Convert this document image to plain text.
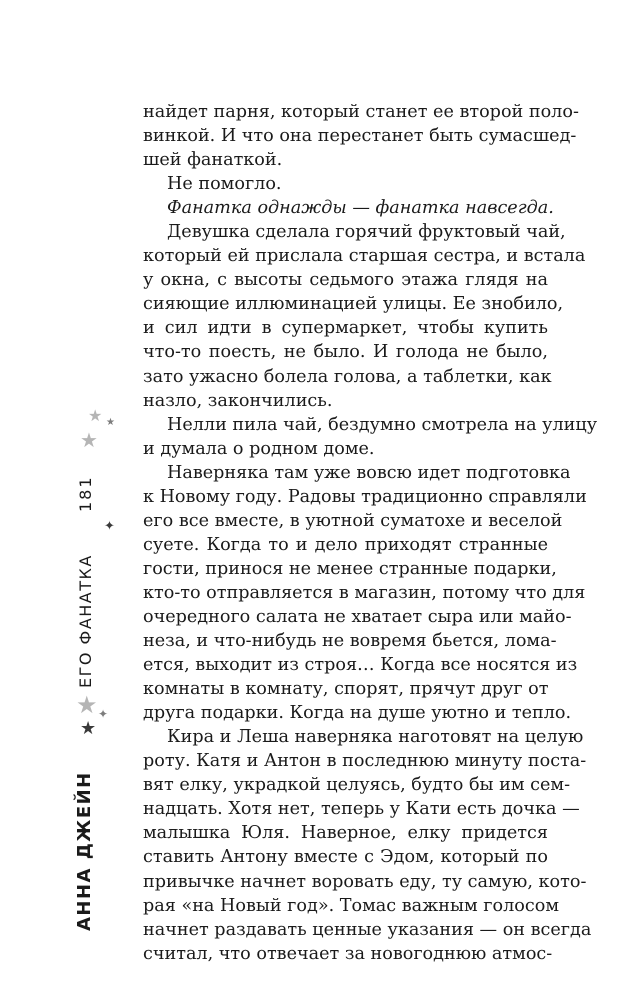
найдет парня, который станет ее второй поло-
винкой. И что она перестанет быть сумасшед-
шей фанаткой.
Не помогло.
Фанатка однажды — фанатка навсегда.
Девушка сделала горячий фруктовый чай,
который ей прислала старшая сестра, и встала
у окна, с высоты седьмого этажа глядя на
сияющие иллюминацией улицы. Ее знобило,
и сил идти в супермаркет, чтобы купить
что-то поесть, не было. И голода не было,
зато ужасно болела голова, а таблетки, как
назло, закончились.
Нелли пила чай, бездумно смотрела на улицу
и думала о родном доме.
Наверняка там уже вовсю идет подготовка
к Новому году. Радовы традиционно справляли
его все вместе, в уютной суматохе и веселой
суете. Когда то и дело приходят странные
гости, принося не менее странные подарки,
кто-то отправляется в магазин, потому что для
очередного салата не хватает сыра или майо-
неза, и что-нибудь не вовремя бьется, лома-
ется, выходит из строя… Когда все носятся из
комнаты в комнату, спорят, прячут друг от
друга подарки. Когда на душе уютно и тепло.
Кира и Леша наверняка наготовят на целую
роту. Катя и Антон в последнюю минуту поста-
вят елку, украдкой целуясь, будто бы им сем-
надцать. Хотя нет, теперь у Кати есть дочка —
малышка Юля. Наверное, елку придется
ставить Антону вместе с Эдом, который по
привычке начнет воровать еду, ту самую, кото-
рая «на Новый год». Томас важным голосом
начнет раздавать ценные указания — он всегда
считал, что отвечает за новогоднюю атмос-
АННА ДЖЕЙН
ЕГО ФАНАТКА
181
★ ★
★
✦
★ ✦
★
